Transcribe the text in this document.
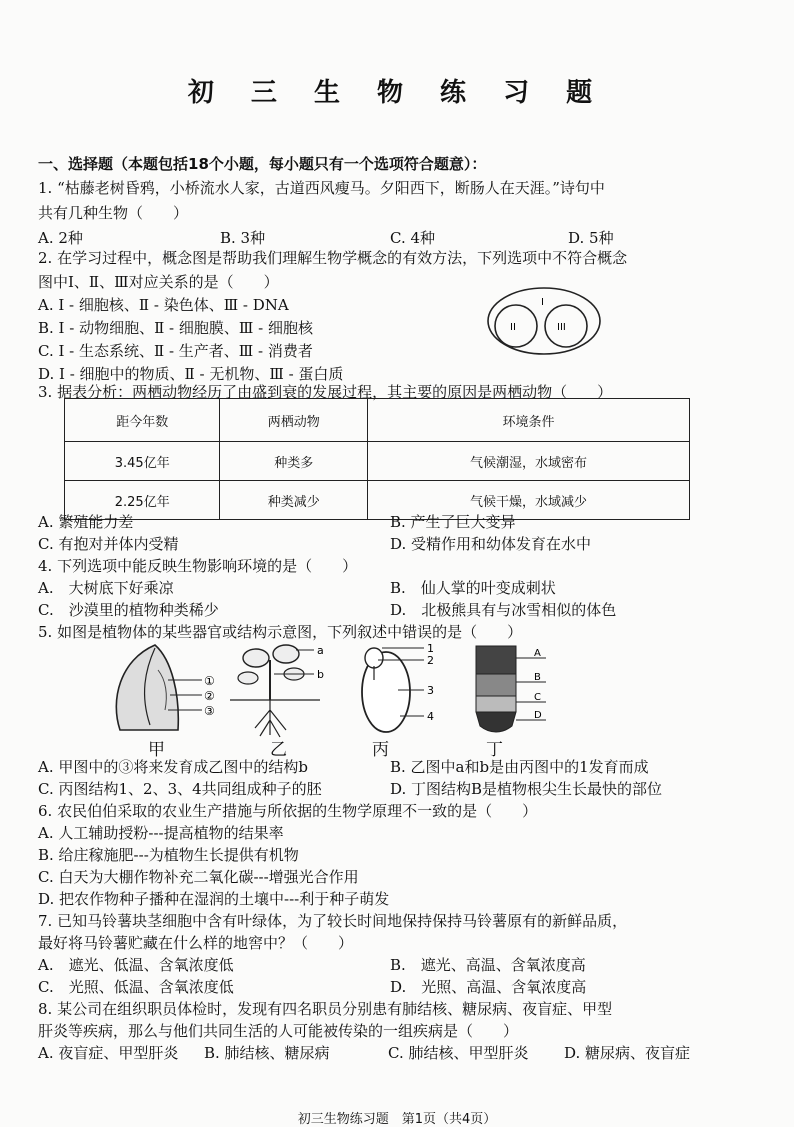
初 三 生 物 练 习 题
一、选择题（本题包括18个小题，每小题只有一个选项符合题意）：
1. “枯藤老树昏鸦，小桥流水人家，古道西风瘦马。夕阳西下，断肠人在天涯。”诗句中
共有几种生物（　　）
A. 2种	B. 3种	C. 4种	D. 5种
2. 在学习过程中，概念图是帮助我们理解生物学概念的有效方法，下列选项中不符合概念
图中Ⅰ、Ⅱ、Ⅲ对应关系的是（　　）
A. Ⅰ - 细胞核、Ⅱ - 染色体、Ⅲ - DNA
B. Ⅰ - 动物细胞、Ⅱ - 细胞膜、Ⅲ - 细胞核
C. Ⅰ - 生态系统、Ⅱ - 生产者、Ⅲ - 消费者
D. Ⅰ - 细胞中的物质、Ⅱ - 无机物、Ⅲ - 蛋白质
I
II	III
3. 据表分析：两栖动物经历了由盛到衰的发展过程，其主要的原因是两栖动物（　　）
距今年数	两栖动物	环境条件
3.45亿年	种类多	气候潮湿，水域密布
2.25亿年	种类减少	气候干燥，水域减少
A. 繁殖能力差	B. 产生了巨大变异
C. 有抱对并体内受精	D. 受精作用和幼体发育在水中
4. 下列选项中能反映生物影响环境的是（　　）
A.　大树底下好乘凉	B.　仙人掌的叶变成刺状
C.　沙漠里的植物种类稀少	D.　北极熊具有与冰雪相似的体色
5. 如图是植物体的某些器官或结构示意图，下列叙述中错误的是（　　）
①
②
③
a
b
1
2
3
4
A
B
C
D
甲	乙	丙	丁
A. 甲图中的③将来发育成乙图中的结构b	B. 乙图中a和b是由丙图中的1发育而成
C. 丙图结构1、2、3、4共同组成种子的胚	D. 丁图结构B是植物根尖生长最快的部位
6. 农民伯伯采取的农业生产措施与所依据的生物学原理不一致的是（　　）
A. 人工辅助授粉---提高植物的结果率
B. 给庄稼施肥---为植物生长提供有机物
C. 白天为大棚作物补充二氧化碳---增强光合作用
D. 把农作物种子播种在湿润的土壤中---利于种子萌发
7. 已知马铃薯块茎细胞中含有叶绿体，为了较长时间地保持保持马铃薯原有的新鲜品质，
最好将马铃薯贮藏在什么样的地窖中？（　　）
A.　遮光、低温、含氧浓度低	B.　遮光、高温、含氧浓度高
C.　光照、低温、含氧浓度低	D.　光照、高温、含氧浓度高
8. 某公司在组织职员体检时，发现有四名职员分别患有肺结核、糖尿病、夜盲症、甲型
肝炎等疾病，那么与他们共同生活的人可能被传染的一组疾病是（　　）
A. 夜盲症、甲型肝炎 B. 肺结核、糖尿病	C. 肺结核、甲型肝炎 D. 糖尿病、夜盲症
初三生物练习题　第1页（共4页）
